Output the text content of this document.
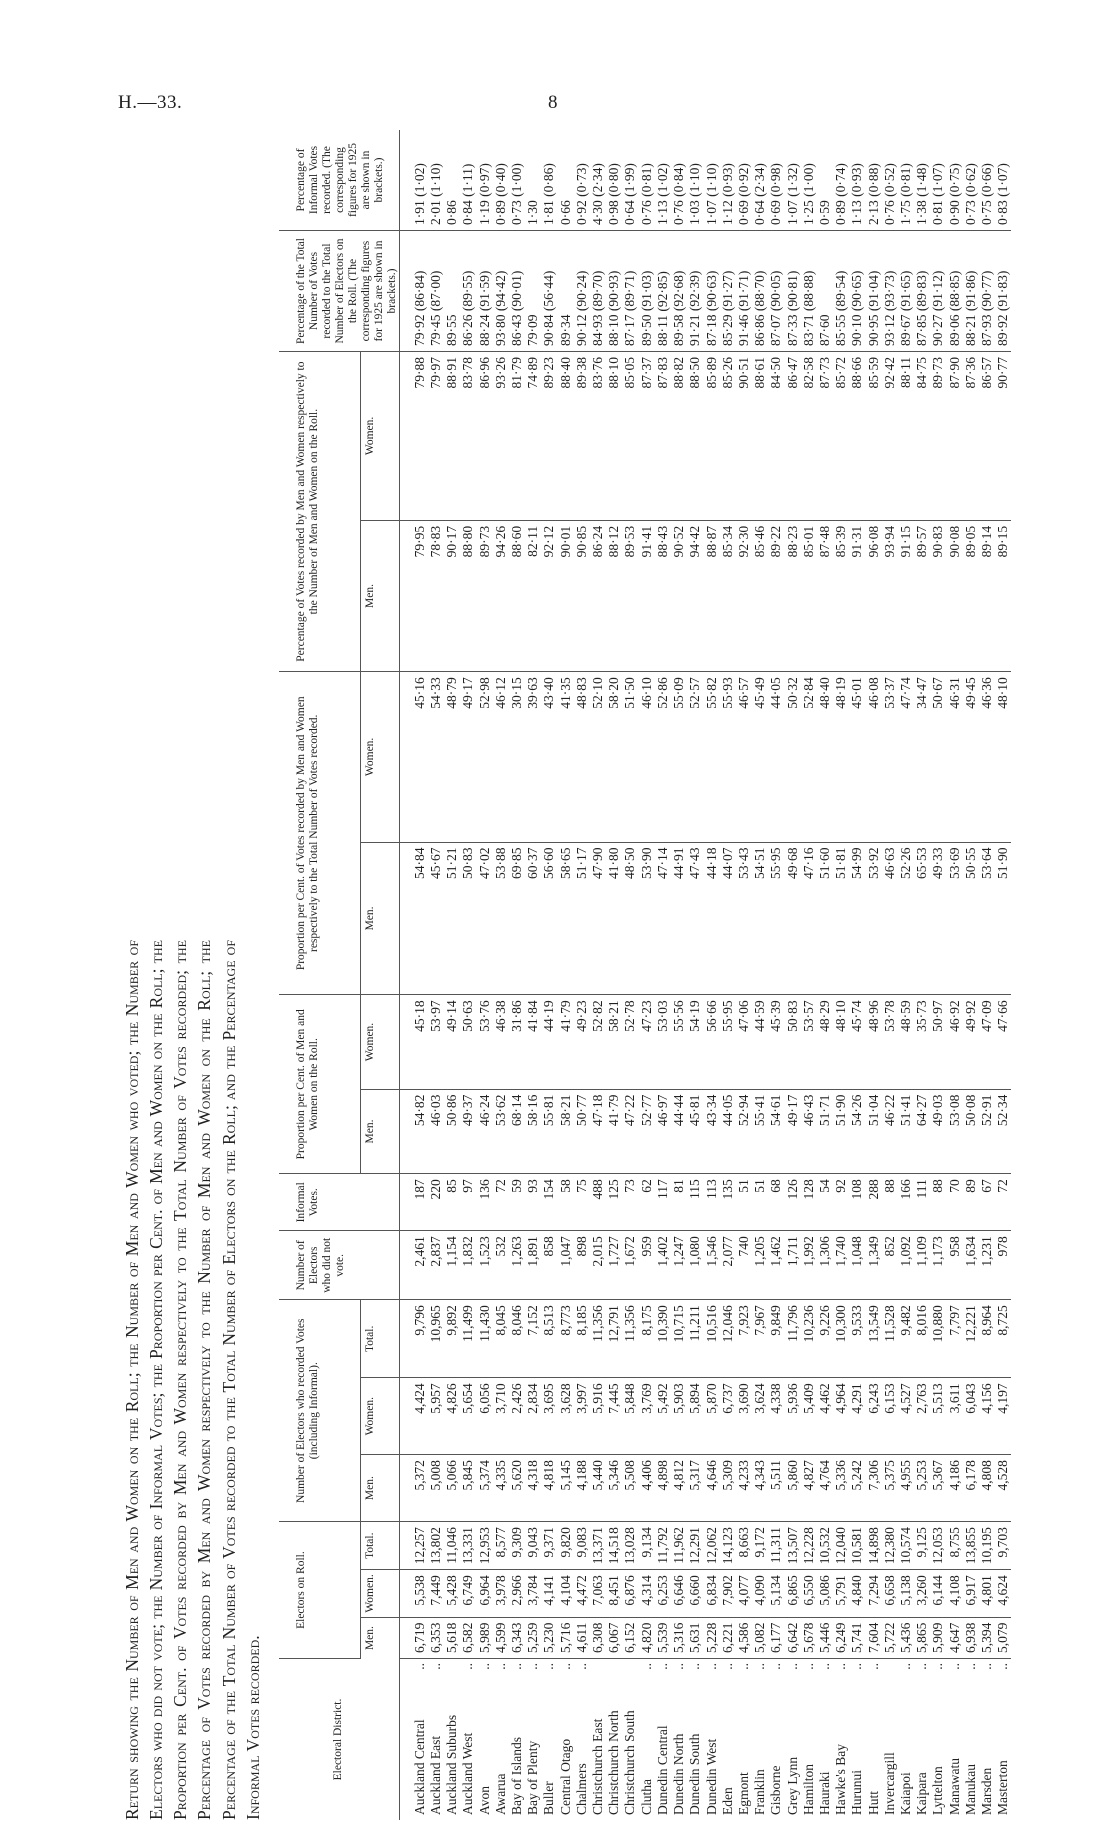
H.—33.	8

Return showing the Number of Men and Women on the Roll; the Number of Men and Women who voted; the Number of Electors who did not vote; the Number of Informal Votes; the Proportion per Cent. of Men and Women on the Roll; the Proportion per Cent. of Votes recorded by Men and Women respectively to the Total Number of Votes recorded; the Percentage of Votes recorded by Men and Women respectively to the Number of Men and Women on the Roll; the Percentage of the Total Number of Votes recorded to the Total Number of Electors on the Roll; and the Percentage of Informal Votes recorded.	Electoral District.	Electors on Roll.			Number of Electors who recorded Votes (including Informal).			Number of Electors who did not vote.	Informal Votes.	Proportion per Cent. of Men and Women on the Roll.		Proportion per Cent. of Votes recorded by Men and Women respectively to the Total Number of Votes recorded.		Percentage of Votes recorded by Men and Women respectively to the Number of Men and Women on the Roll.		Percentage of the Total Number of Votes recorded to the Total Number of Electors on the Roll. (The corresponding figures for 1925 are shown in brackets.)	Percentage of Informal Votes recorded. (The corresponding figures for 1925 are shown in brackets.)
	Men.	Women.	Total.	Men.	Women.	Total.			Men.	Women.	Men.	Women.	Men.	Women.		

..
Auckland Central	6,719	5,538	12,257	5,372	4,424	9,796	2,461	187	54·82	45·18	54·84	45·16	79·95	79·88	79·92 (86·84)	1·91 (1·02)

..
Auckland East	6,353	7,449	13,802	5,008	5,957	10,965	2,837	220	46·03	53·97	45·67	54·33	78·83	79·97	79·45 (87·00)	2·01 (1·10)

Auckland Suburbs	5,618	5,428	11,046	5,066	4,826	9,892	1,154	85	50·86	49·14	51·21	48·79	90·17	88·91	89·55	0·86

..
Auckland West	6,582	6,749	13,331	5,845	5,654	11,499	1,832	97	49·37	50·63	50·83	49·17	88·80	83·78	86·26 (89·55)	0·84 (1·11)

..
Avon	5,989	6,964	12,953	5,374	6,056	11,430	1,523	136	46·24	53·76	47·02	52·98	89·73	86·96	88·24 (91·59)	1·19 (0·97)

..
Awarua	4,599	3,978	8,577	4,335	3,710	8,045	532	72	53·62	46·38	53·88	46·12	94·26	93·26	93·80 (94·42)	0·89 (0·40)

..
Bay of Islands	6,343	2,966	9,309	5,620	2,426	8,046	1,263	59	68·14	31·86	69·85	30·15	88·60	81·79	86·43 (90·01)	0·73 (1·00)

..
Bay of Plenty	5,259	3,784	9,043	4,318	2,834	7,152	1,891	93	58·16	41·84	60·37	39·63	82·11	74·89	79·09	1·30

..
Buller	5,230	4,141	9,371	4,818	3,695	8,513	858	154	55·81	44·19	56·60	43·40	92·12	89·23	90·84 (56·44)	1·81 (0·86)

..
Central Otago	5,716	4,104	9,820	5,145	3,628	8,773	1,047	58	58·21	41·79	58·65	41·35	90·01	88·40	89·34	0·66

..
Chalmers	4,611	4,472	9,083	4,188	3,997	8,185	898	75	50·77	49·23	51·17	48·83	90·85	89·38	90·12 (90·24)	0·92 (0·73)

Christchurch East	6,308	7,063	13,371	5,440	5,916	11,356	2,015	488	47·18	52·82	47·90	52·10	86·24	83·76	84·93 (89·70)	4·30 (2·34)

Christchurch North	6,067	8,451	14,518	5,346	7,445	12,791	1,727	125	41·79	58·21	41·80	58·20	88·12	88·10	88·10 (90·93)	0·98 (0·80)

Christchurch South	6,152	6,876	13,028	5,508	5,848	11,356	1,672	73	47·22	52·78	48·50	51·50	89·53	85·05	87·17 (89·71)	0·64 (1·99)

..
Clutha	4,820	4,314	9,134	4,406	3,769	8,175	959	62	52·77	47·23	53·90	46·10	91·41	87·37	89·50 (91·03)	0·76 (0·81)

..
Dunedin Central	5,539	6,253	11,792	4,898	5,492	10,390	1,402	117	46·97	53·03	47·14	52·86	88·43	87·83	88·11 (92·85)	1·13 (1·02)

..
Dunedin North	5,316	6,646	11,962	4,812	5,903	10,715	1,247	81	44·44	55·56	44·91	55·09	90·52	88·82	89·58 (92·68)	0·76 (0·84)

..
Dunedin South	5,631	6,660	12,291	5,317	5,894	11,211	1,080	115	45·81	54·19	47·43	52·57	94·42	88·50	91·21 (92·39)	1·03 (1·10)

..
Dunedin West	5,228	6,834	12,062	4,646	5,870	10,516	1,546	113	43·34	56·66	44·18	55·82	88·87	85·89	87·18 (90·63)	1·07 (1·10)

..
Eden	6,221	7,902	14,123	5,309	6,737	12,046	2,077	135	44·05	55·95	44·07	55·93	85·34	85·26	85·29 (91·27)	1·12 (0·93)

..
Egmont	4,586	4,077	8,663	4,233	3,690	7,923	740	51	52·94	47·06	53·43	46·57	92·30	90·51	91·46 (91·71)	0·69 (0·92)

..
Franklin	5,082	4,090	9,172	4,343	3,624	7,967	1,205	51	55·41	44·59	54·51	45·49	85·46	88·61	86·86 (88·70)	0·64 (2·34)

..
Gisborne	6,177	5,134	11,311	5,511	4,338	9,849	1,462	68	54·61	45·39	55·95	44·05	89·22	84·50	87·07 (90·05)	0·69 (0·98)

..
Grey Lynn	6,642	6,865	13,507	5,860	5,936	11,796	1,711	126	49·17	50·83	49·68	50·32	88·23	86·47	87·33 (90·81)	1·07 (1·32)

..
Hamilton	5,678	6,550	12,228	4,827	5,409	10,236	1,992	128	46·43	53·57	47·16	52·84	85·01	82·58	83·71 (88·88)	1·25 (1·00)

..
Hauraki	5,446	5,086	10,532	4,764	4,462	9,226	1,306	54	51·71	48·29	51·60	48·40	87·48	87·73	87·60	0·59

..
Hawke's Bay	6,249	5,791	12,040	5,336	4,964	10,300	1,740	92	51·90	48·10	51·81	48·19	85·39	85·72	85·55 (89·54)	0·89 (0·74)

..
Hurunui	5,741	4,840	10,581	5,242	4,291	9,533	1,048	108	54·26	45·74	54·99	45·01	91·31	88·66	90·10 (90·65)	1·13 (0·93)

..
Hutt	7,604	7,294	14,898	7,306	6,243	13,549	1,349	288	51·04	48·96	53·92	46·08	96·08	85·59	90·95 (91·04)	2·13 (0·88)

Invercargill	5,722	6,658	12,380	5,375	6,153	11,528	852	88	46·22	53·78	46·63	53·37	93·94	92·42	93·12 (93·73)	0·76 (0·52)

..
Kaiapoi	5,436	5,138	10,574	4,955	4,527	9,482	1,092	166	51·41	48·59	52·26	47·74	91·15	88·11	89·67 (91·65)	1·75 (0·81)

..
Kaipara	5,865	3,260	9,125	5,253	2,763	8,016	1,109	111	64·27	35·73	65·53	34·47	89·57	84·75	87·85 (89·83)	1·38 (1·48)

..
Lyttelton	5,909	6,144	12,053	5,367	5,513	10,880	1,173	88	49·03	50·97	49·33	50·67	90·83	89·73	90·27 (91·12)	0·81 (1·07)

..
Manawatu	4,647	4,108	8,755	4,186	3,611	7,797	958	70	53·08	46·92	53·69	46·31	90·08	87·90	89·06 (88·85)	0·90 (0·75)

..
Manukau	6,938	6,917	13,855	6,178	6,043	12,221	1,634	89	50·08	49·92	50·55	49·45	89·05	87·36	88·21 (91·86)	0·73 (0·62)

..
Marsden	5,394	4,801	10,195	4,808	4,156	8,964	1,231	67	52·91	47·09	53·64	46·36	89·14	86·57	87·93 (90·77)	0·75 (0·66)

..
Masterton	5,079	4,624	9,703	4,528	4,197	8,725	978	72	52·34	47·66	51·90	48·10	89·15	90·77	89·92 (91·83)	0·83 (1·07)
